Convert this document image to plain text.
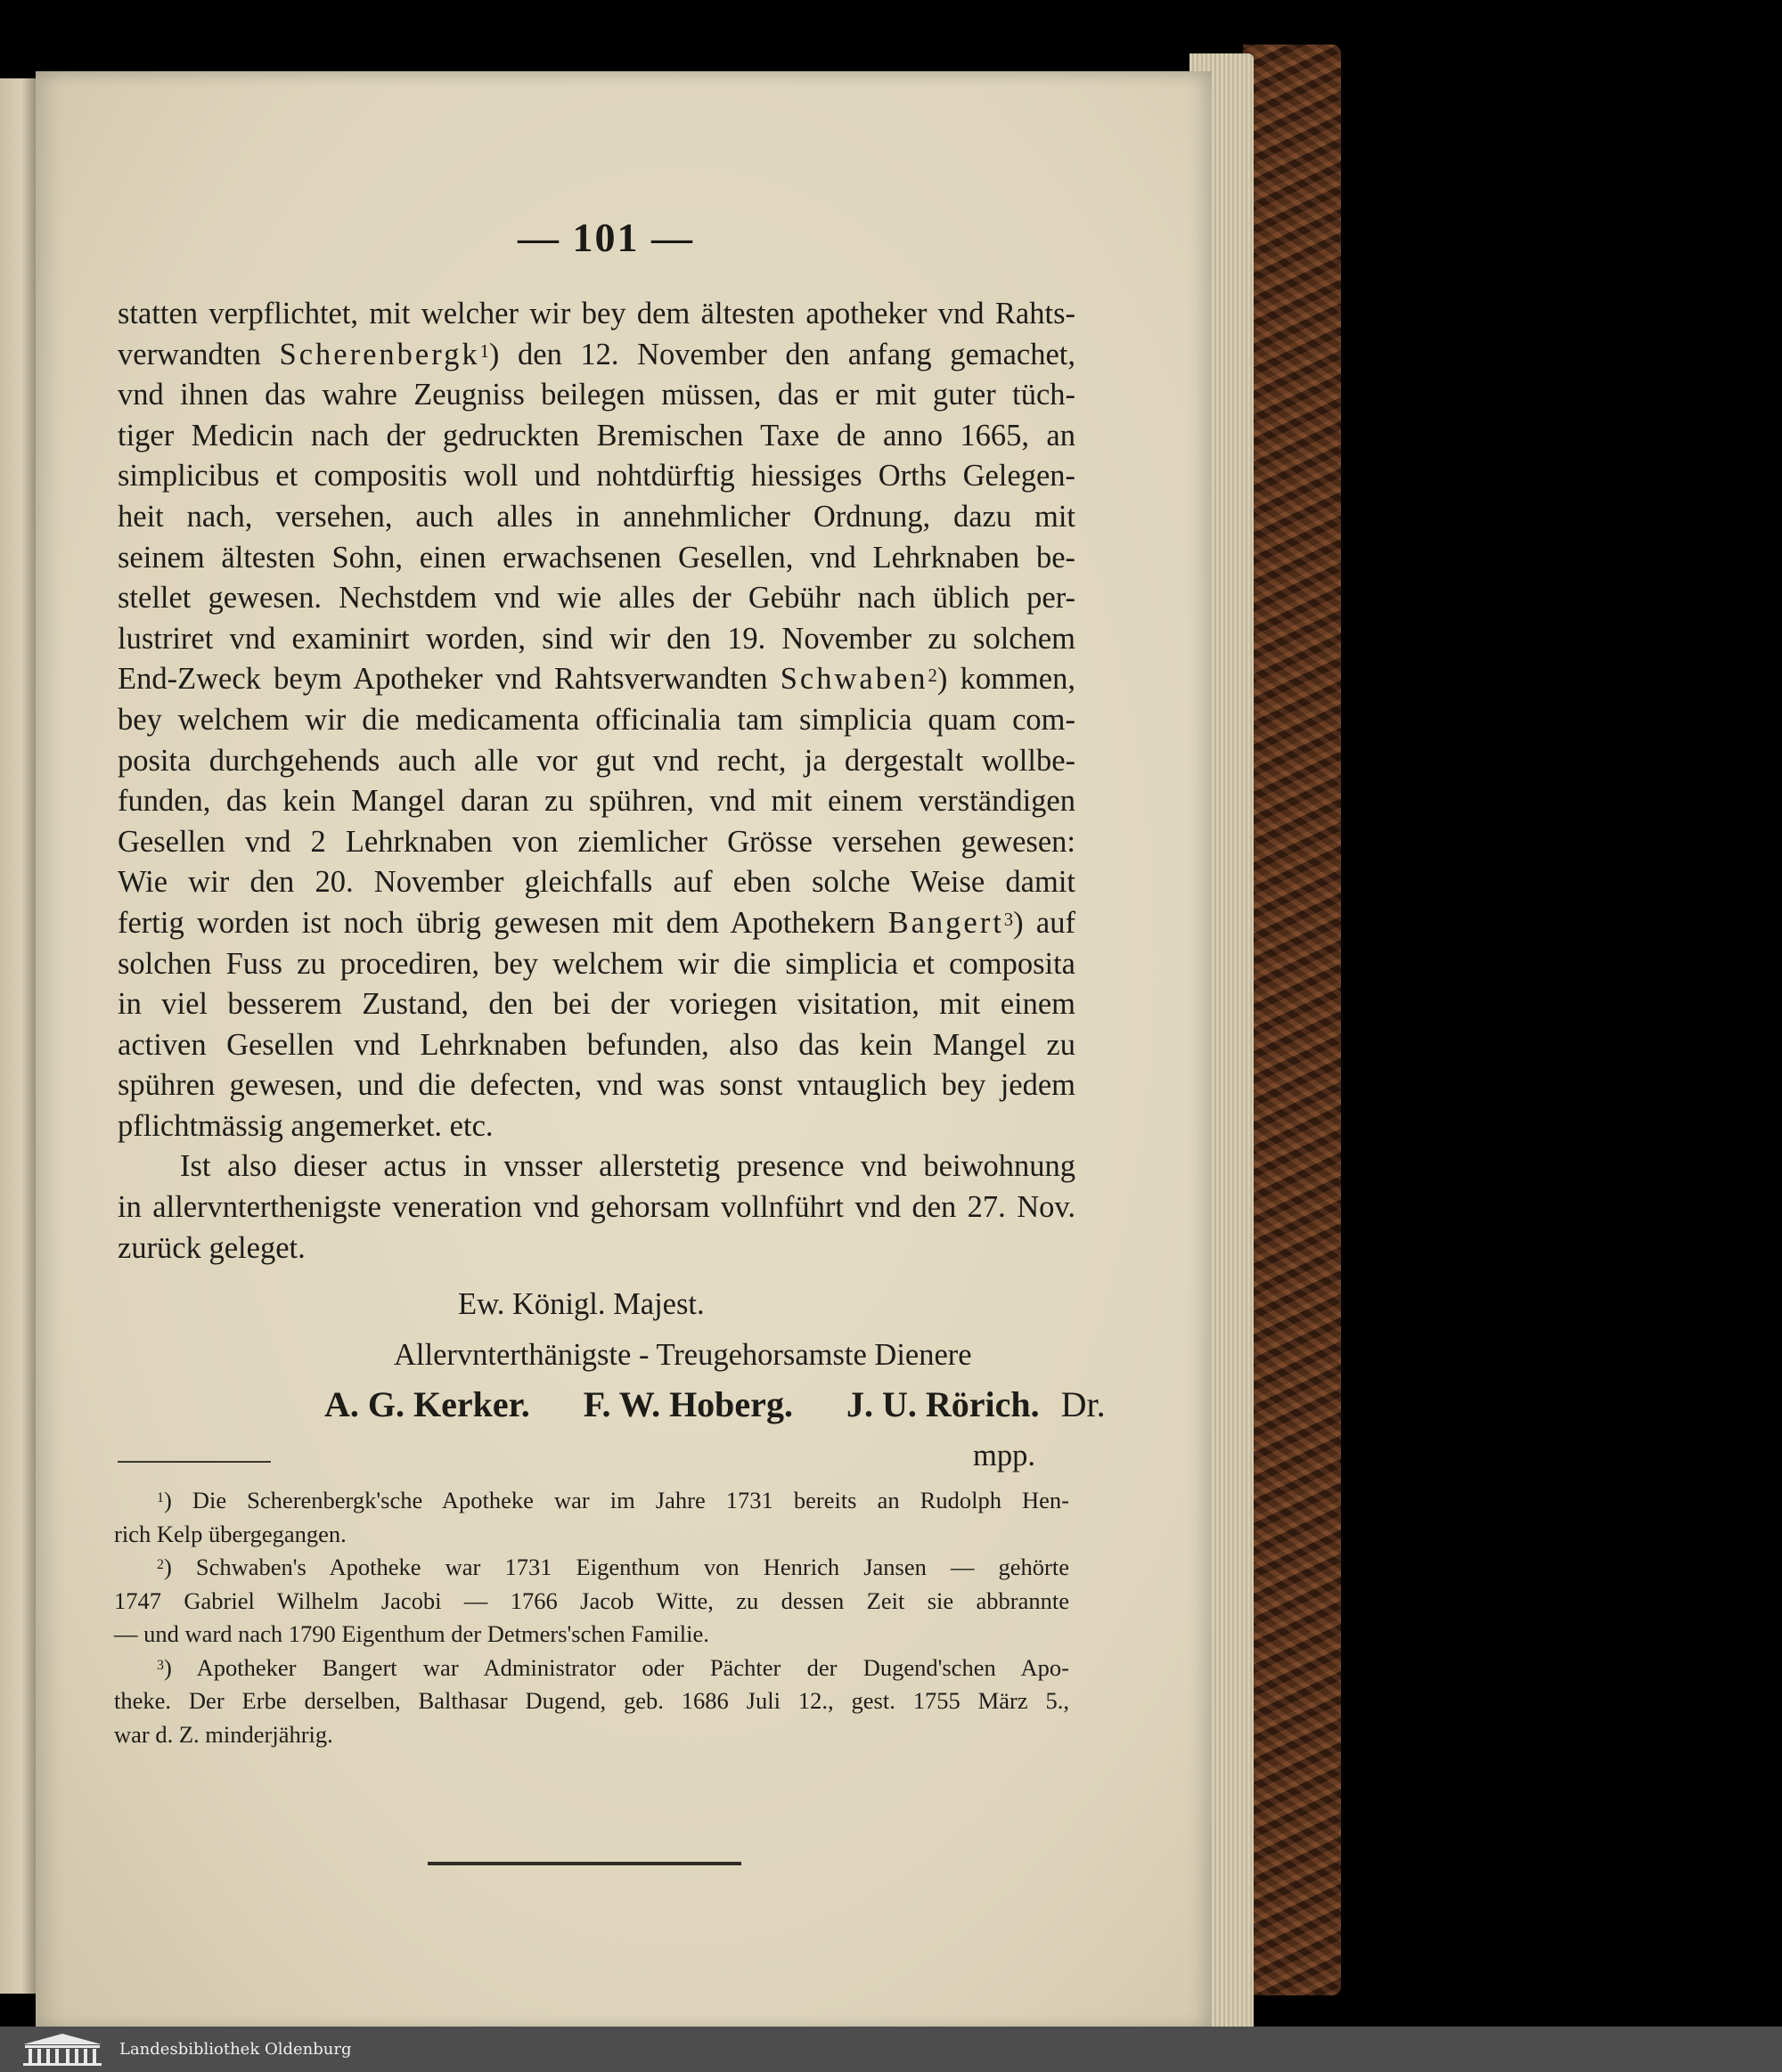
— 101 —
statten verpflichtet, mit welcher wir bey dem ältesten apotheker vnd Rahts-
verwandten Scherenbergk$^1$) den 12. November den anfang gemachet,
vnd ihnen das wahre Zeugniss beilegen müssen, das er mit guter tüch-
tiger Medicin nach der gedruckten Bremischen Taxe de anno 1665, an
simplicibus et compositis woll und nohtdürftig hiessiges Orths Gelegen-
heit nach, versehen, auch alles in annehmlicher Ordnung, dazu mit
seinem ältesten Sohn, einen erwachsenen Gesellen, vnd Lehrknaben be-
stellet gewesen. Nechstdem vnd wie alles der Gebühr nach üblich per-
lustriret vnd examinirt worden, sind wir den 19. November zu solchem
End-Zweck beym Apotheker vnd Rahtsverwandten Schwaben$^2$) kommen,
bey welchem wir die medicamenta officinalia tam simplicia quam com-
posita durchgehends auch alle vor gut vnd recht, ja dergestalt wollbe-
funden, das kein Mangel daran zu spühren, vnd mit einem verständigen
Gesellen vnd 2 Lehrknaben von ziemlicher Grösse versehen gewesen:
Wie wir den 20. November gleichfalls auf eben solche Weise damit
fertig worden ist noch übrig gewesen mit dem Apothekern Bangert$^3$) auf
solchen Fuss zu procediren, bey welchem wir die simplicia et composita
in viel besserem Zustand, den bei der voriegen visitation, mit einem
activen Gesellen vnd Lehrknaben befunden, also das kein Mangel zu
spühren gewesen, und die defecten, vnd was sonst vntauglich bey jedem
pflichtmässig angemerket. etc.
Ist also dieser actus in vnsser allerstetig presence vnd beiwohnung
in allervnterthenigste veneration vnd gehorsam vollnführt vnd den 27. Nov.
zurück geleget.
Ew. Königl. Majest.
Allervnterthänigste - Treugehorsamste Dienere
A. G. Kerker. F. W. Hoberg. J. U. Rörich. Dr.
mpp.
$^1$) Die Scherenbergk'sche Apotheke war im Jahre 1731 bereits an Rudolph Hen-
rich Kelp übergegangen.
$^2$) Schwaben's Apotheke war 1731 Eigenthum von Henrich Jansen — gehörte
1747 Gabriel Wilhelm Jacobi — 1766 Jacob Witte, zu dessen Zeit sie abbrannte
— und ward nach 1790 Eigenthum der Detmers'schen Familie.
$^3$) Apotheker Bangert war Administrator oder Pächter der Dugend'schen Apo-
theke. Der Erbe derselben, Balthasar Dugend, geb. 1686 Juli 12., gest. 1755 März 5.,
war d. Z. minderjährig.
Landesbibliothek Oldenburg
